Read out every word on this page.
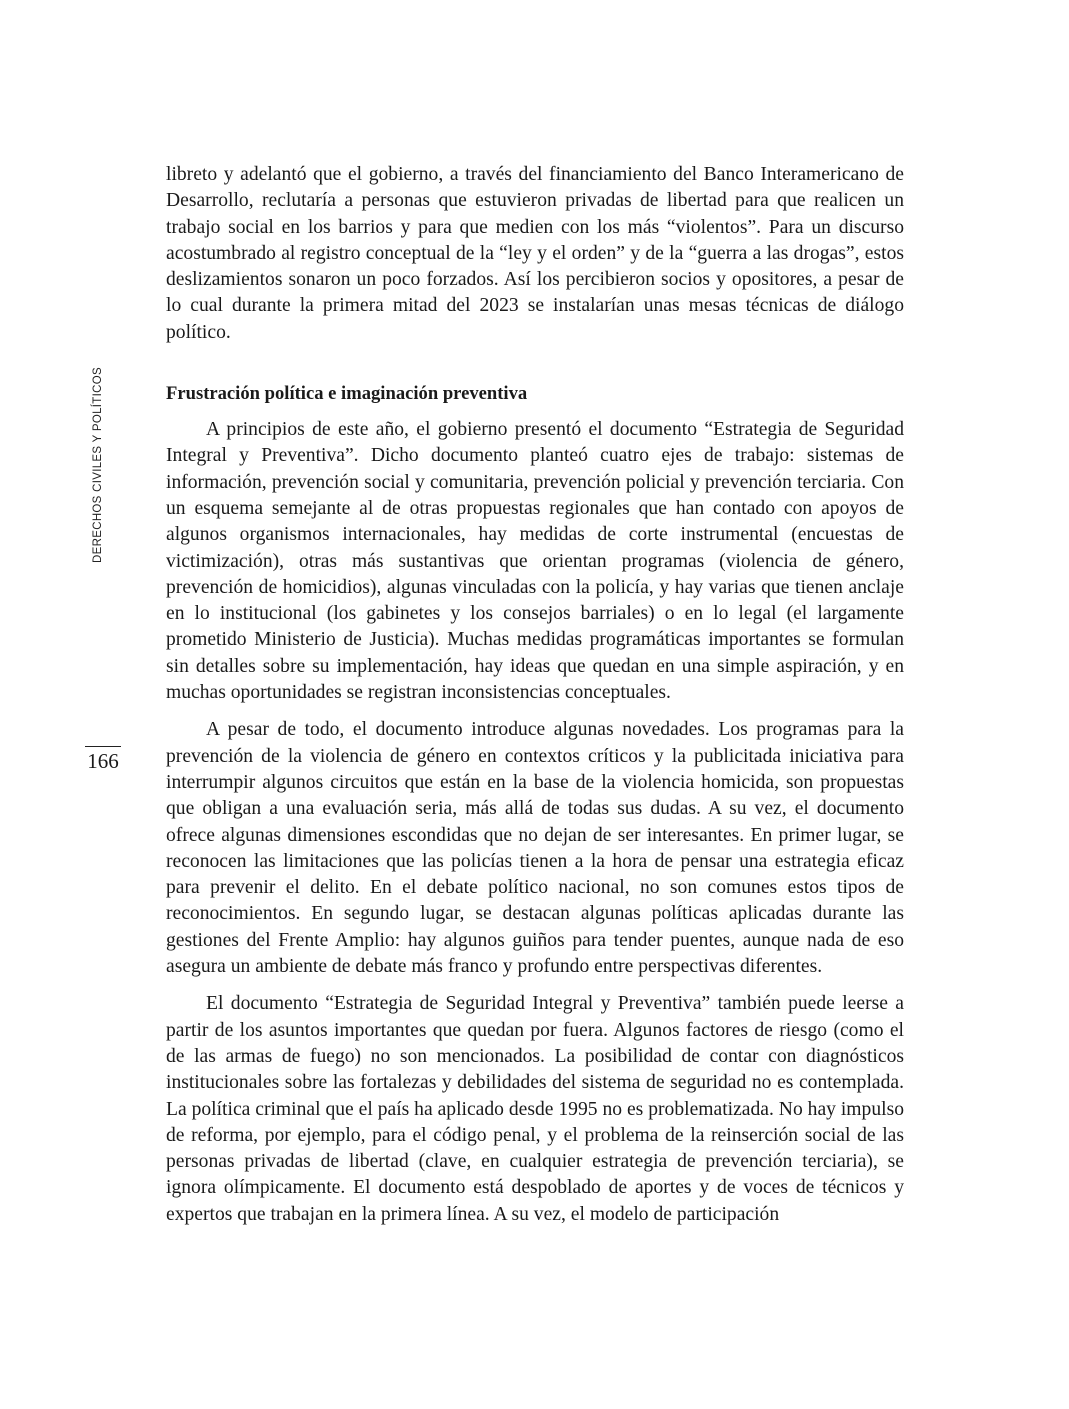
DERECHOS CIVILES Y POLÍTICOS
166

libreto y adelantó que el gobierno, a través del financiamiento del Banco Interamericano de Desarrollo, reclutaría a personas que estuvieron privadas de libertad para que realicen un trabajo social en los barrios y para que medien con los más “violentos”. Para un discurso acostumbrado al registro conceptual de la “ley y el orden” y de la “guerra a las drogas”, estos deslizamientos sonaron un poco forzados. Así los percibieron socios y opositores, a pesar de lo cual durante la primera mitad del 2023 se instalarían unas mesas técnicas de diálogo político.

Frustración política e imaginación preventiva

A principios de este año, el gobierno presentó el documento “Estrategia de Seguridad Integral y Preventiva”. Dicho documento planteó cuatro ejes de trabajo: sistemas de información, prevención social y comunitaria, prevención policial y prevención terciaria. Con un esquema semejante al de otras propuestas regionales que han contado con apoyos de algunos organismos internacionales, hay medidas de corte instrumental (encuestas de victimización), otras más sustantivas que orientan programas (violencia de género, prevención de homicidios), algunas vinculadas con la policía, y hay varias que tienen anclaje en lo institucional (los gabinetes y los consejos barriales) o en lo legal (el largamente prometido Ministerio de Justicia). Muchas medidas programáticas importantes se formulan sin detalles sobre su implementación, hay ideas que quedan en una simple aspiración, y en muchas oportunidades se registran inconsistencias conceptuales.

A pesar de todo, el documento introduce algunas novedades. Los programas para la prevención de la violencia de género en contextos críticos y la publicitada iniciativa para interrumpir algunos circuitos que están en la base de la violencia homicida, son propuestas que obligan a una evaluación seria, más allá de todas sus dudas. A su vez, el documento ofrece algunas dimensiones escondidas que no dejan de ser interesantes. En primer lugar, se reconocen las limitaciones que las policías tienen a la hora de pensar una estrategia eficaz para prevenir el delito. En el debate político nacional, no son comunes estos tipos de reconocimientos. En segundo lugar, se destacan algunas políticas aplicadas durante las gestiones del Frente Amplio: hay algunos guiños para tender puentes, aunque nada de eso asegura un ambiente de debate más franco y profundo entre perspectivas diferentes.

El documento “Estrategia de Seguridad Integral y Preventiva” también puede leerse a partir de los asuntos importantes que quedan por fuera. Algunos factores de riesgo (como el de las armas de fuego) no son mencionados. La posibilidad de contar con diagnósticos institucionales sobre las fortalezas y debilidades del sistema de seguridad no es contemplada. La política criminal que el país ha aplicado desde 1995 no es problematizada. No hay impulso de reforma, por ejemplo, para el código penal, y el problema de la reinserción social de las personas privadas de libertad (clave, en cualquier estrategia de prevención terciaria), se ignora olímpicamente. El documento está despoblado de aportes y de voces de técnicos y expertos que trabajan en la primera línea. A su vez, el modelo de participación
